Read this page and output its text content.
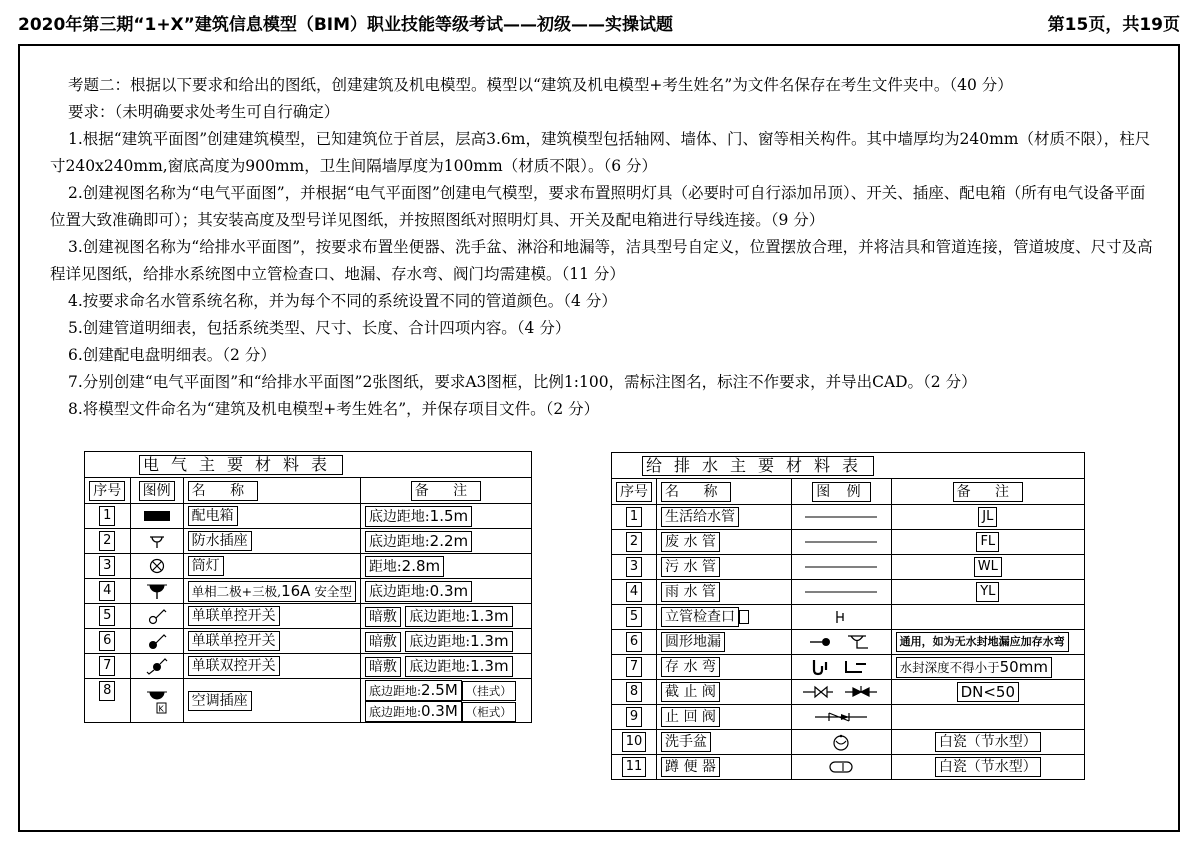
2020年第三期“1+X”建筑信息模型（BIM）职业技能等级考试——初级——实操试题	第15页，共19页

考题二：根据以下要求和给出的图纸，创建建筑及机电模型。模型以“建筑及机电模型+考生姓名”为文件名保存在考生文件夹中。（40 分）

要求：（未明确要求处考生可自行确定）

1.根据“建筑平面图”创建建筑模型，已知建筑位于首层，层高3.6m，建筑模型包括轴网、墙体、门、窗等相关构件。其中墙厚均为240mm（材质不限），柱尺寸240x240mm,窗底高度为900mm，卫生间隔墙厚度为100mm（材质不限）。（6 分）

2.创建视图名称为“电气平面图”，并根据“电气平面图”创建电气模型，要求布置照明灯具（必要时可自行添加吊顶）、开关、插座、配电箱（所有电气设备平面位置大致准确即可）；其安装高度及型号详见图纸，并按照图纸对照明灯具、开关及配电箱进行导线连接。（9 分）

3.创建视图名称为“给排水平面图”，按要求布置坐便器、洗手盆、淋浴和地漏等，洁具型号自定义，位置摆放合理，并将洁具和管道连接，管道坡度、尺寸及高程详见图纸，给排水系统图中立管检查口、地漏、存水弯、阀门均需建模。（11 分）

4.按要求命名水管系统名称，并为每个不同的系统设置不同的管道颜色。（4 分）

5.创建管道明细表，包括系统类型、尺寸、长度、合计四项内容。（4 分）

6.创建配电盘明细表。（2 分）

7.分别创建“电气平面图”和“给排水平面图”2张图纸，要求A3图框，比例1:100，需标注图名，标注不作要求，并导出CAD。（2 分）

8.将模型文件命名为“建筑及机电模型+考生姓名”，并保存项目文件。（2 分）

电气主要材料表			
序号	图例	名 称	备 注
1		配电箱	底边距地:1.5m
2		防水插座	底边距地:2.2m
3		筒灯	距地:2.8m
4		单相二极+三极,16A 安全型	底边距地:0.3m
5		单联单控开关	暗敷 底边距地:1.3m
6		单联单控开关	暗敷 底边距地:1.3m
7		单联双控开关	暗敷 底边距地:1.3m
8	K	空调插座	底边距地:2.5M （挂式）
底边距地:0.3M （柜式）
给排水主要材料表			
序号	名 称	图 例	备 注
1	生活给水管		JL
2	废 水 管		FL
3	污 水 管		WL
4	雨 水 管		YL
5	立管检查口	

6	圆形地漏		通用，如为无水封地漏应加存水弯
7	存 水 弯		水封深度不得小于50mm
8	截 止 阀		DN<50
9	止 回 阀	

10	洗手盆		白瓷（节水型）
11	蹲 便 器		白瓷（节水型）
